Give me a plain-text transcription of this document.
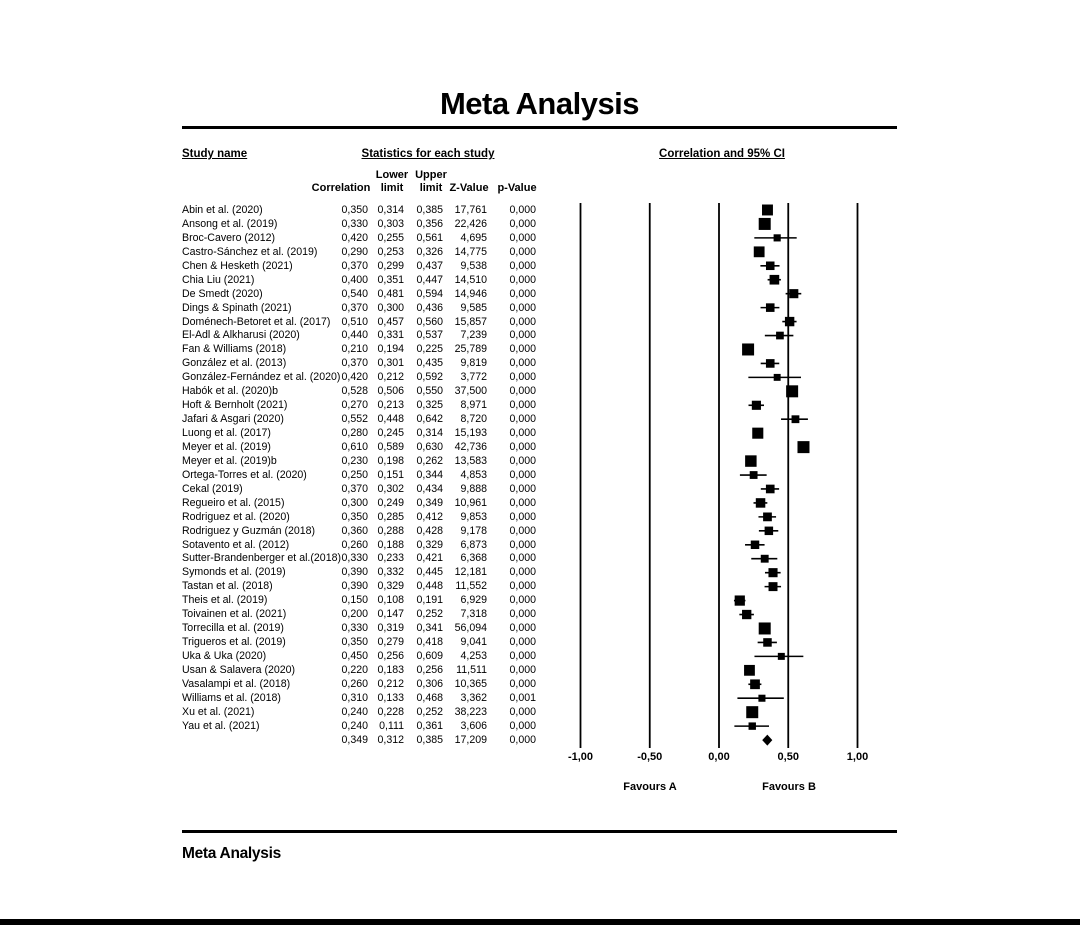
Meta Analysis
Study name	Statistics for each study	Correlation and 95% CI
Lower Upper
Correlation limit limit Z-Value p-Value
Abin et al. (2020)	0,350 0,314	0,385	17,761	0,000
Ansong et al. (2019)	0,330 0,303	0,356	22,426	0,000
Broc-Cavero (2012)	0,420 0,255	0,561	4,695	0,000
Castro-Sánchez et al. (2019)	0,290 0,253	0,326	14,775	0,000
Chen & Hesketh (2021)	0,370 0,299	0,437	9,538	0,000
Chia Liu (2021)	0,400 0,351	0,447	14,510	0,000
De Smedt (2020)	0,540 0,481	0,594	14,946	0,000
Dings & Spinath (2021)	0,370 0,300	0,436	9,585	0,000
Doménech-Betoret et al. (2017)	0,510 0,457	0,560	15,857	0,000
El-Adl & Alkharusi (2020)	0,440 0,331	0,537	7,239	0,000
Fan & Williams (2018)	0,210 0,194	0,225	25,789	0,000
González et al. (2013)	0,370 0,301	0,435	9,819	0,000
González-Fernández et al. (2020) 0,420 0,212	0,592	3,772	0,000
Habók et al. (2020)b	0,528 0,506	0,550	37,500	0,000
Hoft & Bernholt (2021)	0,270 0,213	0,325	8,971	0,000
Jafari & Asgari (2020)	0,552 0,448	0,642	8,720	0,000
Luong et al. (2017)	0,280 0,245	0,314	15,193	0,000
Meyer et al. (2019)	0,610 0,589	0,630	42,736	0,000
Meyer et al. (2019)b	0,230 0,198	0,262	13,583	0,000
Ortega-Torres et al. (2020)	0,250 0,151	0,344	4,853	0,000
Cekal (2019)	0,370 0,302	0,434	9,888	0,000
Regueiro et al. (2015)	0,300 0,249	0,349	10,961	0,000
Rodriguez et al. (2020)	0,350 0,285	0,412	9,853	0,000
Rodriguez y Guzmán (2018)	0,360 0,288	0,428	9,178	0,000
Sotavento et al. (2012)	0,260 0,188	0,329	6,873	0,000
Sutter-Brandenberger et al.(2018) 0,330 0,233	0,421	6,368	0,000
Symonds et al. (2019)	0,390 0,332	0,445	12,181	0,000
Tastan et al. (2018)	0,390 0,329	0,448	11,552	0,000
Theis et al. (2019)	0,150 0,108	0,191	6,929	0,000
Toivainen et al. (2021)	0,200 0,147	0,252	7,318	0,000
Torrecilla et al. (2019)	0,330 0,319	0,341	56,094	0,000
Trigueros et al. (2019)	0,350 0,279	0,418	9,041	0,000
Uka & Uka (2020)	0,450 0,256	0,609	4,253	0,000
Usan & Salavera (2020)	0,220 0,183	0,256	11,511	0,000
Vasalampi et al. (2018)	0,260 0,212	0,306	10,365	0,000
Williams et al. (2018)	0,310 0,133	0,468	3,362	0,001
Xu et al. (2021)	0,240 0,228	0,252	38,223	0,000
Yau et al. (2021)	0,240	0,111	0,361	3,606	0,000
0,349 0,312	0,385	17,209	0,000
-1,00	-0,50	0,00	0,50	1,00
Favours A	Favours B
Meta Analysis
